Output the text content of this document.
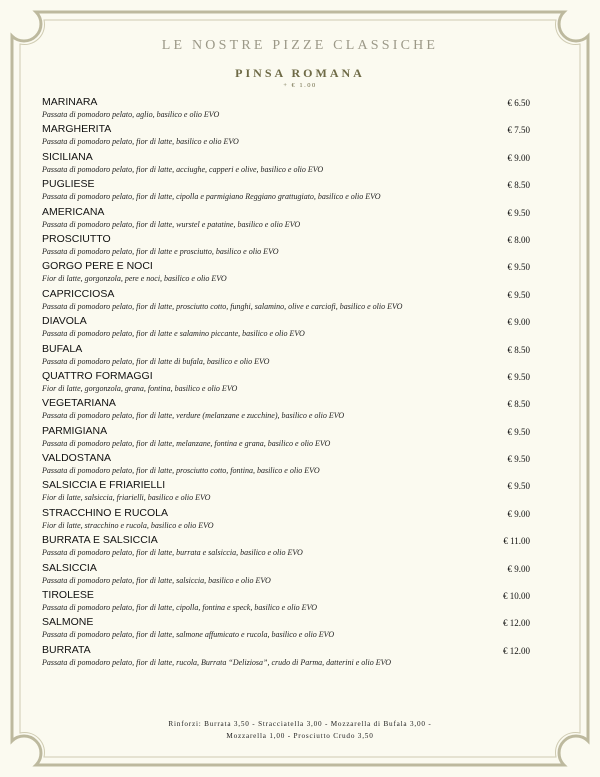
LE NOSTRE PIZZE CLASSICHE
PINSA ROMANA
+ € 1.00
MARINARA	€ 6.50
Passata di pomodoro pelato, aglio, basilico e olio EVO
MARGHERITA	€ 7.50
Passata di pomodoro pelato, fior di latte, basilico e olio EVO
SICILIANA	€ 9.00
Passata di pomodoro pelato, fior di latte, acciughe, capperi e olive, basilico e olio EVO
PUGLIESE	€ 8.50
Passata di pomodoro pelato, fior di latte, cipolla e parmigiano Reggiano grattugiato, basilico e olio EVO
AMERICANA	€ 9.50
Passata di pomodoro pelato, fior di latte, wurstel e patatine, basilico e olio EVO
PROSCIUTTO	€ 8.00
Passata di pomodoro pelato, fior di latte e prosciutto, basilico e olio EVO
GORGO PERE E NOCI	€ 9.50
Fior di latte, gorgonzola, pere e noci, basilico e olio EVO
CAPRICCIOSA	€ 9.50
Passata di pomodoro pelato, fior di latte, prosciutto cotto, funghi, salamino, olive e carciofi, basilico e olio EVO
DIAVOLA	€ 9.00
Passata di pomodoro pelato, fior di latte e salamino piccante, basilico e olio EVO
BUFALA	€ 8.50
Passata di pomodoro pelato, fior di latte di bufala, basilico e olio EVO
QUATTRO FORMAGGI	€ 9.50
Fior di latte, gorgonzola, grana, fontina, basilico e olio EVO
VEGETARIANA	€ 8.50
Passata di pomodoro pelato, fior di latte, verdure (melanzane e zucchine), basilico e olio EVO
PARMIGIANA	€ 9.50
Passata di pomodoro pelato, fior di latte, melanzane, fontina e grana, basilico e olio EVO
VALDOSTANA	€ 9.50
Passata di pomodoro pelato, fior di latte, prosciutto cotto, fontina, basilico e olio EVO
SALSICCIA E FRIARIELLI	€ 9.50
Fior di latte, salsiccia, friarielli, basilico e olio EVO
STRACCHINO E RUCOLA	€ 9.00
Fior di latte, stracchino e rucola, basilico e olio EVO
BURRATA E SALSICCIA	€ 11.00
Passata di pomodoro pelato, fior di latte, burrata e salsiccia, basilico e olio EVO
SALSICCIA	€ 9.00
Passata di pomodoro pelato, fior di latte, salsiccia, basilico e olio EVO
TIROLESE	€ 10.00
Passata di pomodoro pelato, fior di latte, cipolla, fontina e speck, basilico e olio EVO
SALMONE	€ 12.00
Passata di pomodoro pelato, fior di latte, salmone affumicato e rucola, basilico e olio EVO
BURRATA	€ 12.00
Passata di pomodoro pelato, fior di latte, rucola, Burrata “Deliziosa”, crudo di Parma, datterini e olio EVO
Rinforzi: Burrata 3,50 - Stracciatella 3,00 - Mozzarella di Bufala 3,00 -
Mozzarella 1,00 - Prosciutto Crudo 3,50
